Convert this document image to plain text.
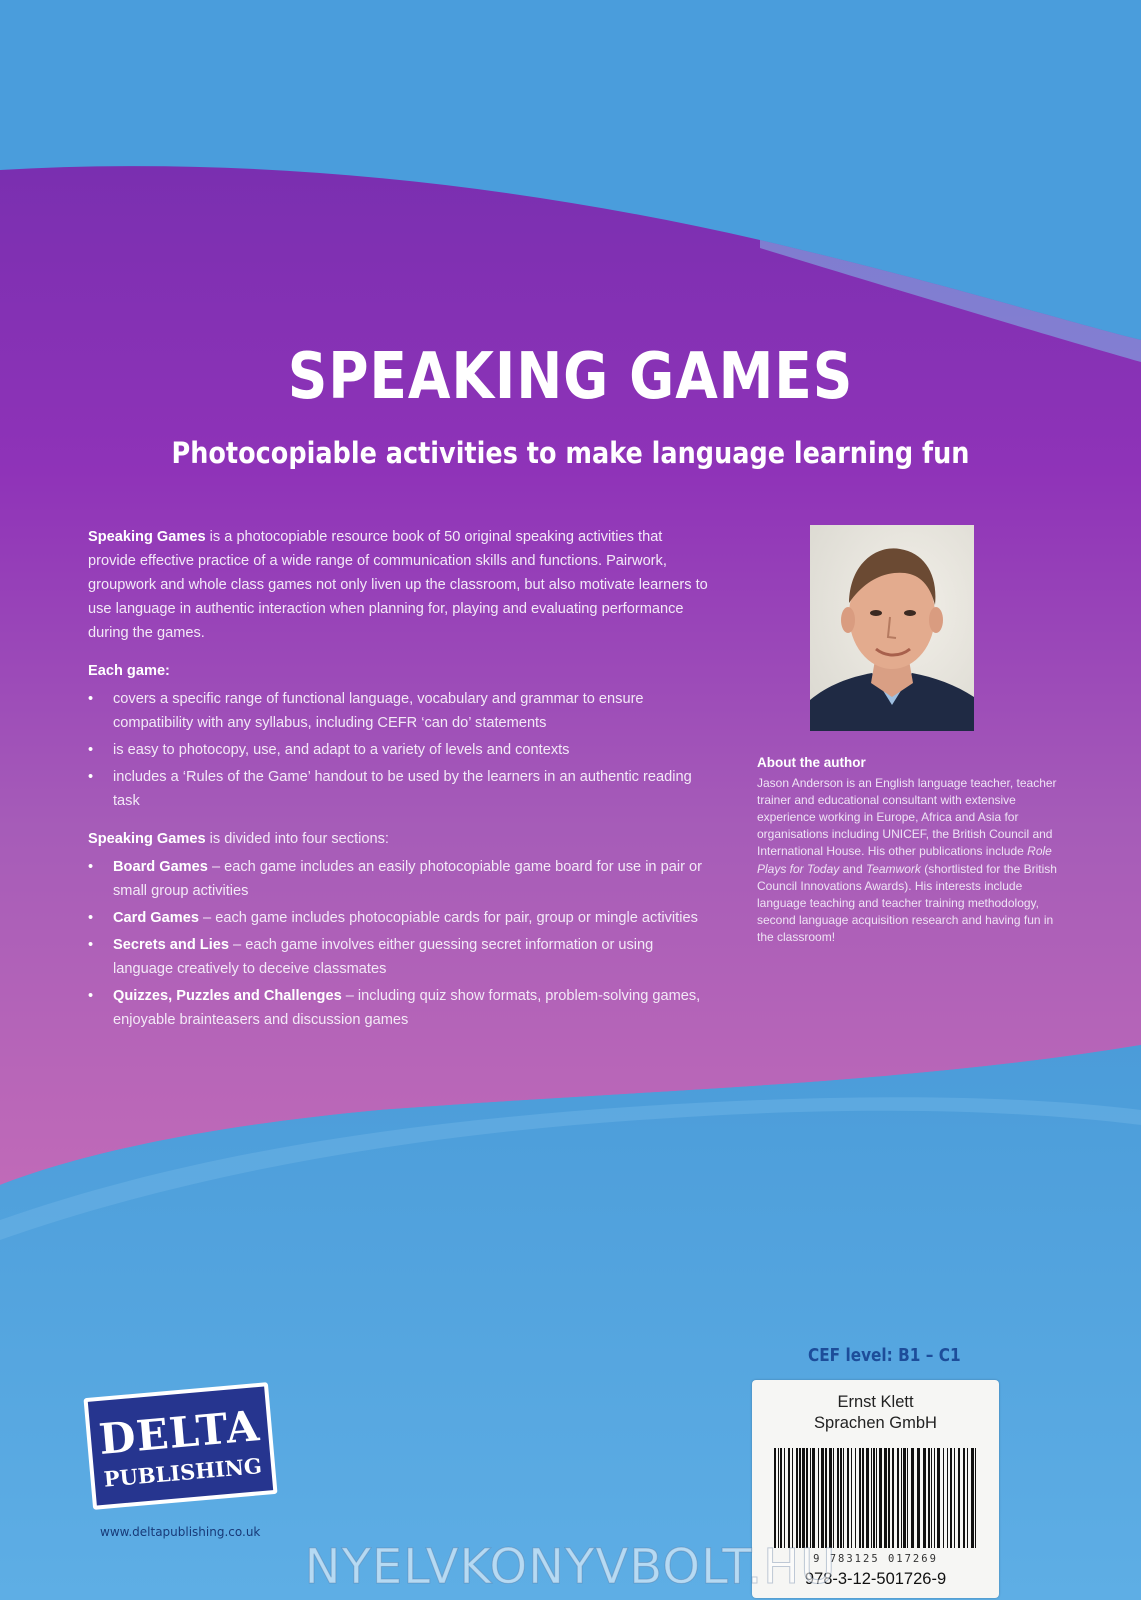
SPEAKING GAMES
Photocopiable activities to make language learning fun

Speaking Games is a photocopiable resource book of 50 original speaking activities that provide effective practice of a wide range of communication skills and functions. Pairwork, groupwork and whole class games not only liven up the classroom, but also motivate learners to use language in authentic interaction when planning for, playing and evaluating performance during the games.

Each game:
• covers a specific range of functional language, vocabulary and grammar to ensure compatibility with any syllabus, including CEFR ‘can do’ statements
• is easy to photocopy, use, and adapt to a variety of levels and contexts
• includes a ‘Rules of the Game’ handout to be used by the learners in an authentic reading task

Speaking Games is divided into four sections:

• Board Games – each game includes an easily photocopiable game board for use in pair or small group activities
• Card Games – each game includes photocopiable cards for pair, group or mingle activities
• Secrets and Lies – each game involves either guessing secret information or using language creatively to deceive classmates
• Quizzes, Puzzles and Challenges – including quiz show formats, problem-solving games, enjoyable brainteasers and discussion games
About the author

Jason Anderson is an English language teacher, teacher trainer and educational consultant with extensive experience working in Europe, Africa and Asia for organisations including UNICEF, the British Council and International House. His other publications include Role Plays for Today and Teamwork (shortlisted for the British Council Innovations Awards). His interests include language teaching and teacher training methodology, second language acquisition research and having fun in the classroom!

CEF level: B1 – C1
Ernst Klett
Sprachen GmbH
9 783125 017269
978-3-12-501726-9
DELTA
PUBLISHING
www.deltapublishing.co.uk
NYELVKONYVBOLT.HU
